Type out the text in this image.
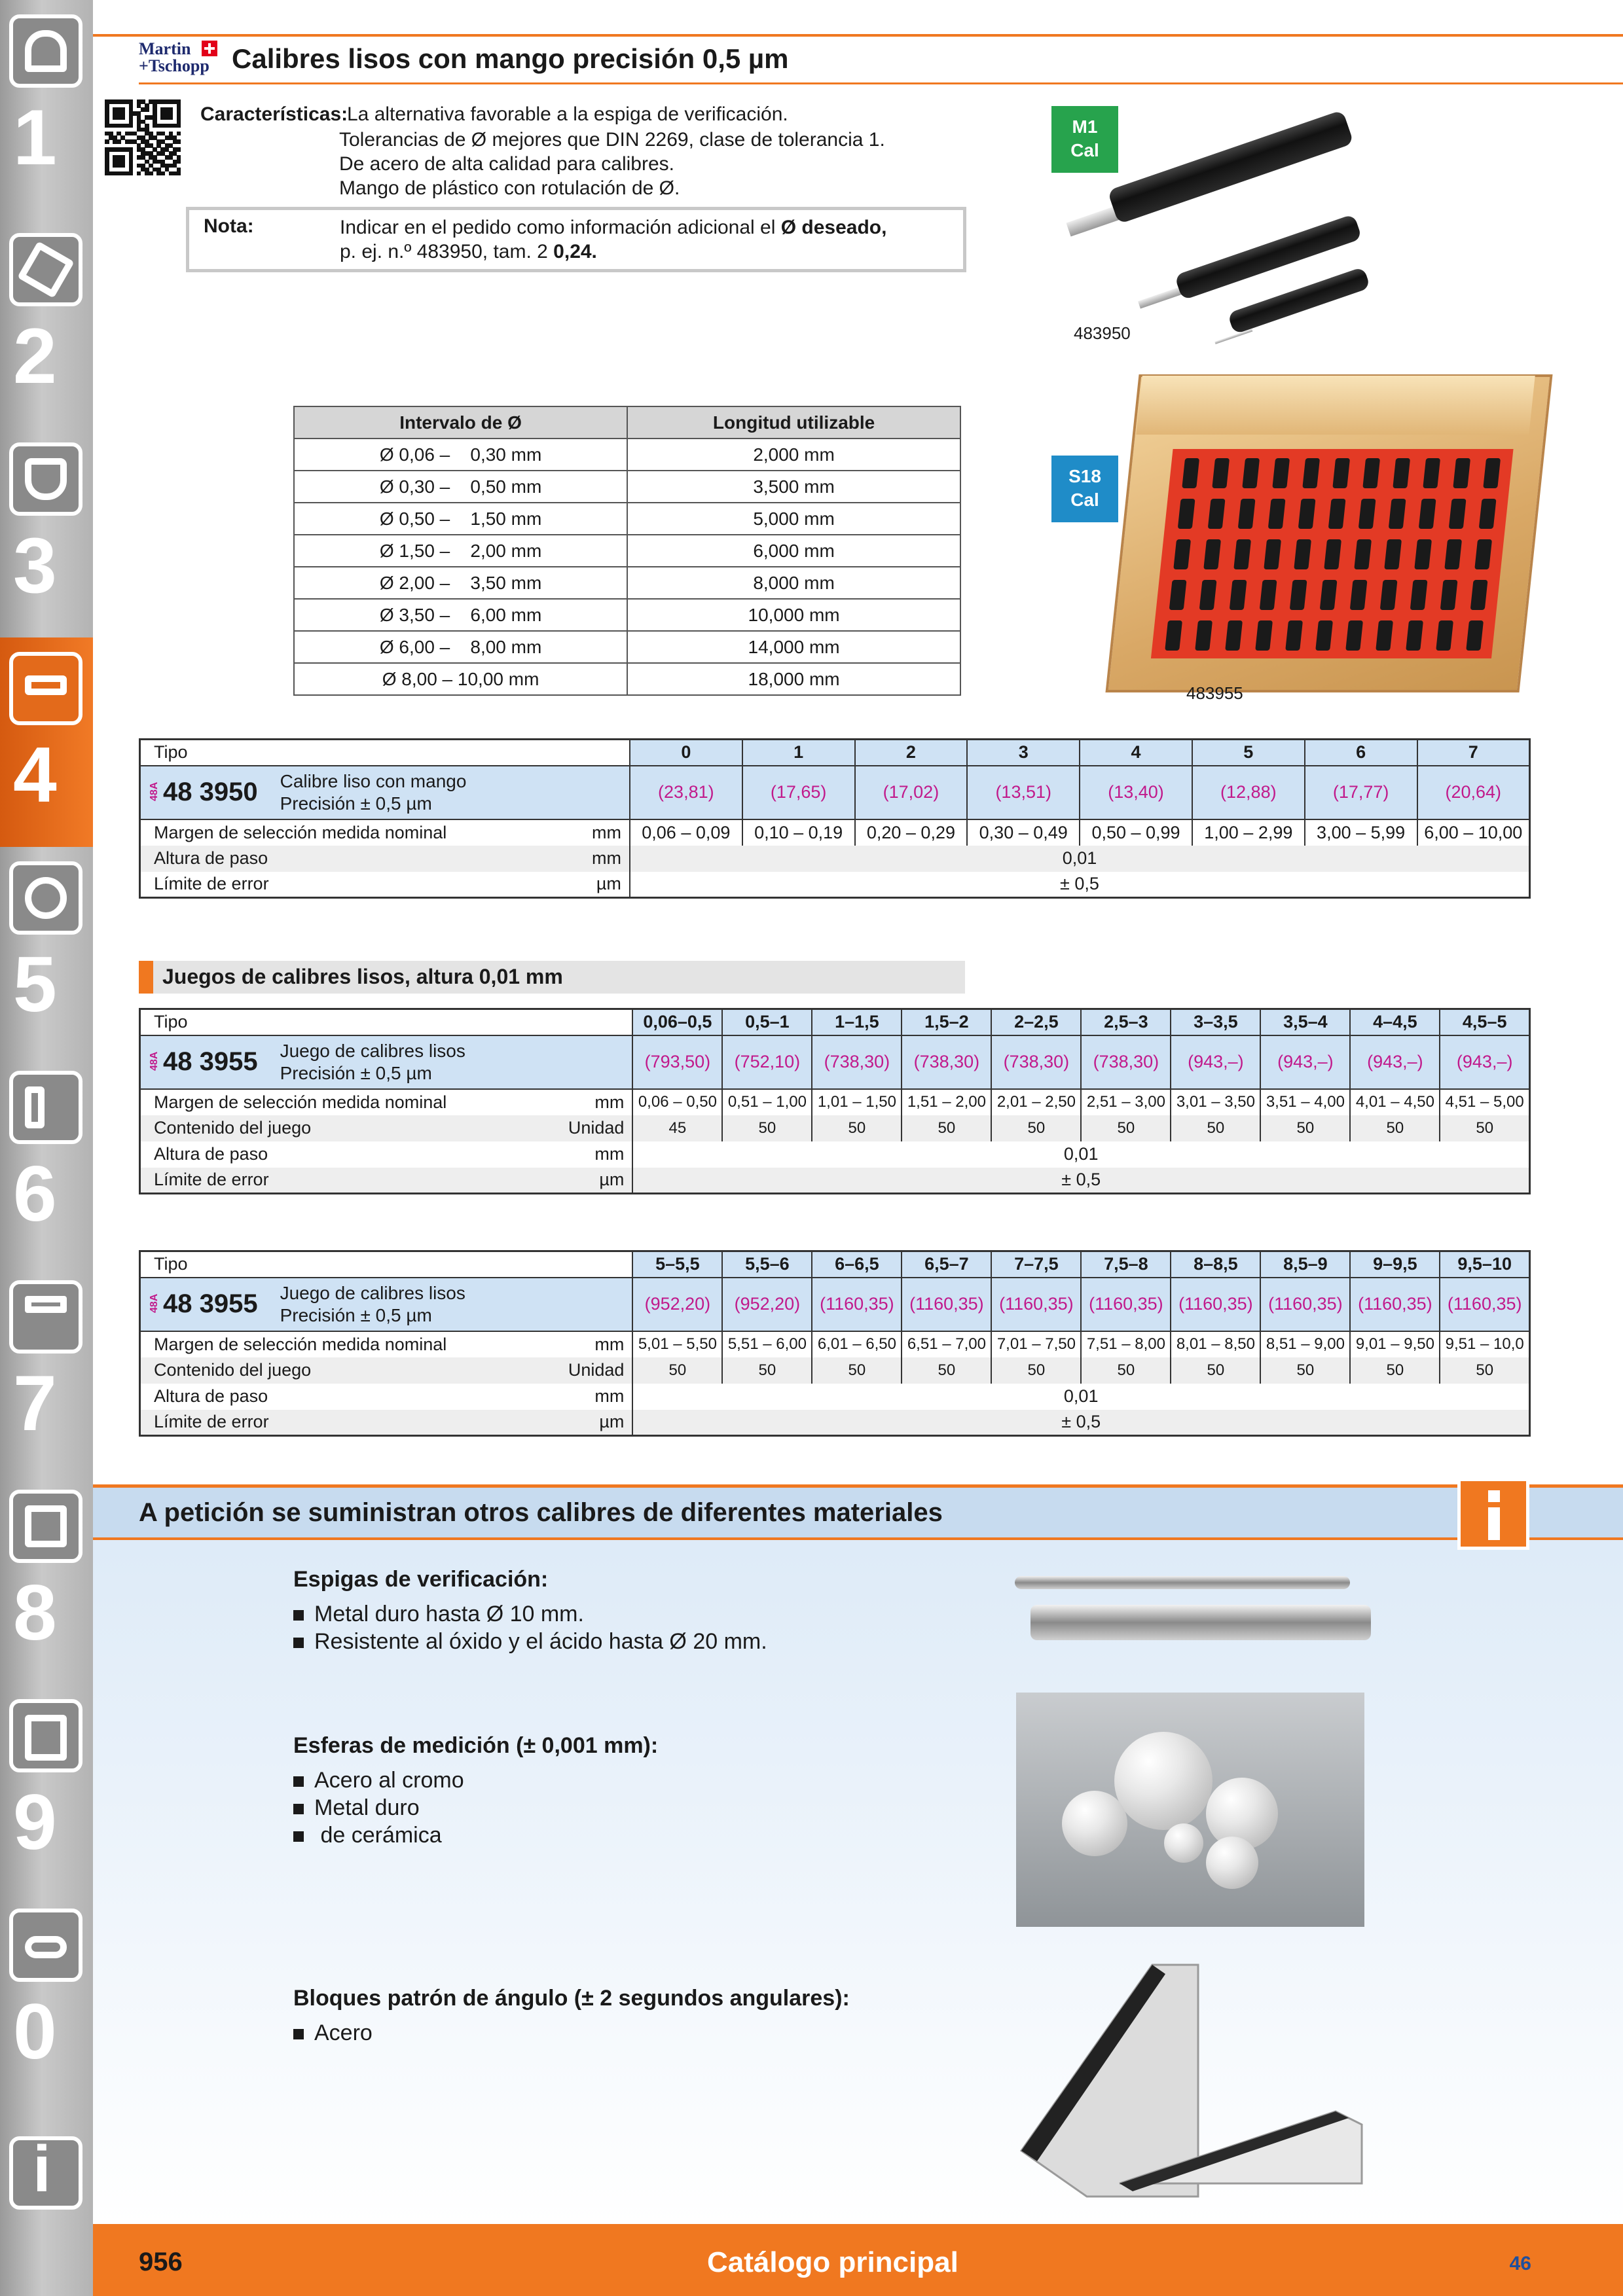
1
2
3
4
5
6
7
8
9
0
i
Martin
+Tschopp Calibres lisos con mango precisión 0,5 µm
Características:
La alternativa favorable a la espiga de verificación.
Tolerancias de Ø mejores que DIN 2269, clase de tolerancia 1.
De acero de alta calidad para calibres.
Mango de plástico con rotulación de Ø.
Nota:	Indicar en el pedido como información adicional el Ø deseado,
p. ej. n.º 483950, tam. 2 0,24.
M1
Cal
483950
S18
Cal
483955
Intervalo de Ø	Longitud utilizable
Ø 0,06 –    0,30 mm	2,000 mm
Ø 0,30 –    0,50 mm	3,500 mm
Ø 0,50 –    1,50 mm	5,000 mm
Ø 1,50 –    2,00 mm	6,000 mm
Ø 2,00 –    3,50 mm	8,000 mm
Ø 3,50 –    6,00 mm	10,000 mm
Ø 6,00 –    8,00 mm	14,000 mm
Ø 8,00 – 10,00 mm	18,000 mm
Tipo		0	1	2	3	4	5	6	7
48A 48 3950 Calibre liso con mango
Precisión ± 0,5 µm		(23,81)	(17,65)	(17,02)	(13,51)	(13,40)	(12,88)	(17,77)	(20,64)
Margen de selección medida nominal	mm	0,06 – 0,09	0,10 – 0,19	0,20 – 0,29	0,30 – 0,49	0,50 – 0,99	1,00 – 2,99	3,00 – 5,99	6,00 – 10,00
Altura de paso	mm	0,01							
Límite de error	µm	± 0,5							
Juegos de calibres lisos, altura 0,01 mm
Tipo		0,06–0,5	0,5–1	1–1,5	1,5–2	2–2,5	2,5–3	3–3,5	3,5–4	4–4,5	4,5–5
48A 48 3955 Juego de calibres lisos
Precisión ± 0,5 µm		(793,50)	(752,10)	(738,30)	(738,30)	(738,30)	(738,30)	(943,–)	(943,–)	(943,–)	(943,–)
Margen de selección medida nominal	mm	0,06 – 0,50	0,51 – 1,00	1,01 – 1,50	1,51 – 2,00	2,01 – 2,50	2,51 – 3,00	3,01 – 3,50	3,51 – 4,00	4,01 – 4,50	4,51 – 5,00
Contenido del juego	Unidad	45	50	50	50	50	50	50	50	50	50
Altura de paso	mm	0,01									
Límite de error	µm	± 0,5									
Tipo		5–5,5	5,5–6	6–6,5	6,5–7	7–7,5	7,5–8	8–8,5	8,5–9	9–9,5	9,5–10
48A 48 3955 Juego de calibres lisos
Precisión ± 0,5 µm		(952,20)	(952,20)	(1160,35)	(1160,35)	(1160,35)	(1160,35)	(1160,35)	(1160,35)	(1160,35)	(1160,35)
Margen de selección medida nominal	mm	5,01 – 5,50	5,51 – 6,00	6,01 – 6,50	6,51 – 7,00	7,01 – 7,50	7,51 – 8,00	8,01 – 8,50	8,51 – 9,00	9,01 – 9,50	9,51 – 10,0
Contenido del juego	Unidad	50	50	50	50	50	50	50	50	50	50
Altura de paso	mm	0,01									
Límite de error	µm	± 0,5									
A petición se suministran otros calibres de diferentes materiales
Espigas de verificación:
Metal duro hasta Ø 10 mm.
Resistente al óxido y el ácido hasta Ø 20 mm.
Esferas de medición (± 0,001 mm):
Acero al cromo
Metal duro
de cerámica
Bloques patrón de ángulo (± 2 segundos angulares):
Acero
956	Catálogo principal	46
